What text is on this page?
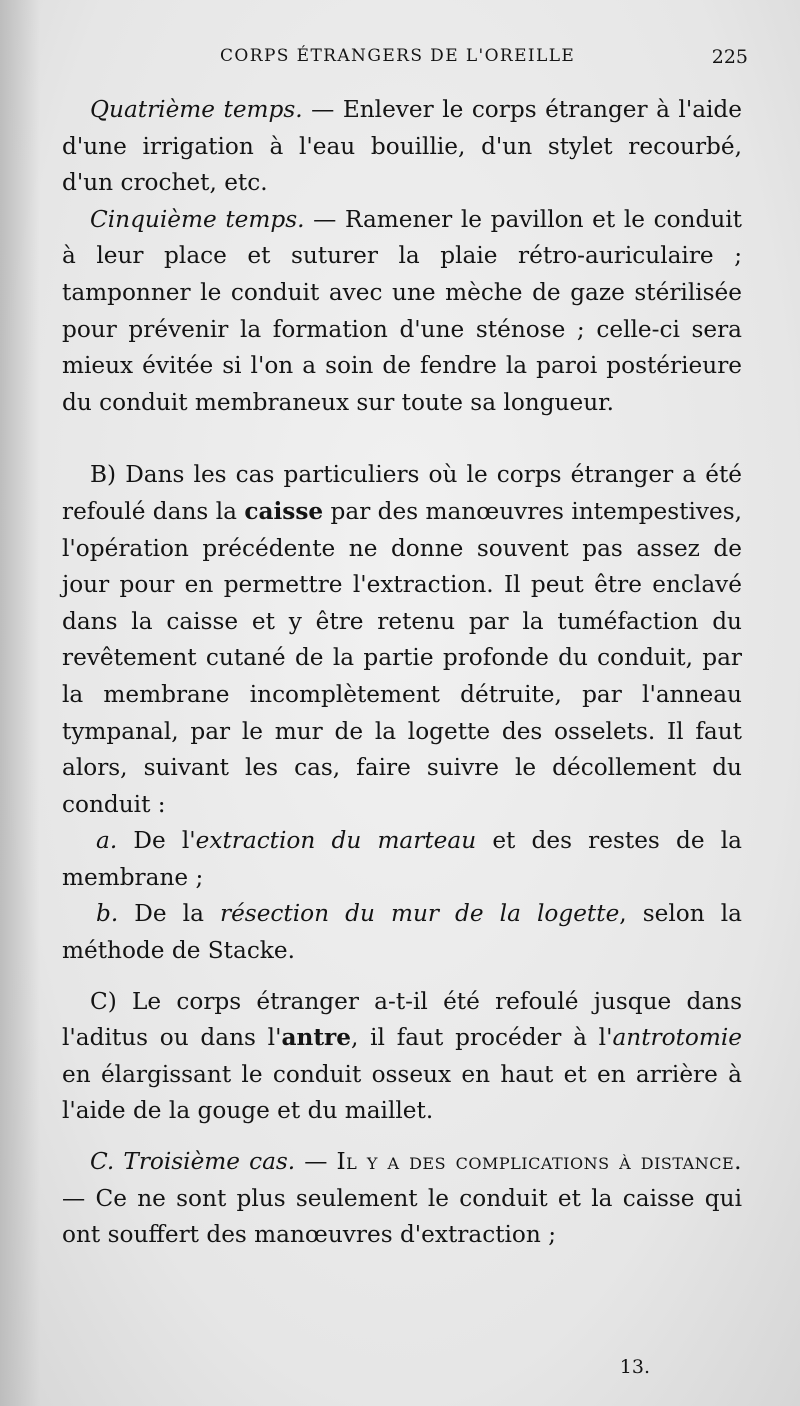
CORPS ÉTRANGERS DE L'OREILLE	225

Quatrième temps. — Enlever le corps étranger à l'aide d'une irrigation à l'eau bouillie, d'un stylet recourbé, d'un crochet, etc.

Cinquième temps. — Ramener le pavillon et le conduit à leur place et suturer la plaie rétro-auriculaire ; tamponner le conduit avec une mèche de gaze stérilisée pour prévenir la formation d'une sténose ; celle-ci sera mieux évitée si l'on a soin de fendre la paroi postérieure du conduit membraneux sur toute sa longueur.

B) Dans les cas particuliers où le corps étranger a été refoulé dans la caisse par des manœuvres intempestives, l'opération précédente ne donne souvent pas assez de jour pour en permettre l'extraction. Il peut être enclavé dans la caisse et y être retenu par la tuméfaction du revêtement cutané de la partie profonde du conduit, par la membrane incomplètement détruite, par l'anneau tympanal, par le mur de la logette des osselets. Il faut alors, suivant les cas, faire suivre le décollement du conduit :

a. De l'extraction du marteau et des restes de la membrane ;

b. De la résection du mur de la logette, selon la méthode de Stacke.

C) Le corps étranger a-t-il été refoulé jusque dans l'aditus ou dans l'antre, il faut procéder à l'antrotomie en élargissant le conduit osseux en haut et en arrière à l'aide de la gouge et du maillet.

C. Troisième cas. — Il y a des complications à distance. — Ce ne sont plus seulement le conduit et la caisse qui ont souffert des manœuvres d'extraction ;

13.
